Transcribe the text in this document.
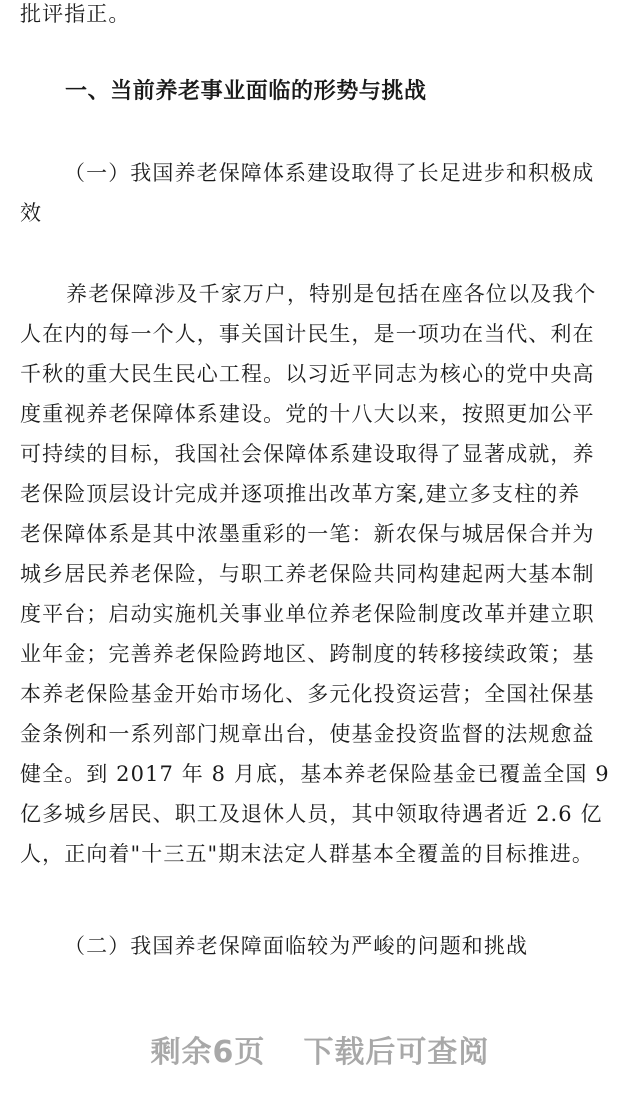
批评指正。
一、当前养老事业面临的形势与挑战
（一）我国养老保障体系建设取得了长足进步和积极成
效
养老保障涉及千家万户，特别是包括在座各位以及我个
人在内的每一个人，事关国计民生，是一项功在当代、利在
千秋的重大民生民心工程。以习近平同志为核心的党中央高
度重视养老保障体系建设。党的十八大以来，按照更加公平
可持续的目标，我国社会保障体系建设取得了显著成就，养
老保险顶层设计完成并逐项推出改革方案,建立多支柱的养
老保障体系是其中浓墨重彩的一笔：新农保与城居保合并为
城乡居民养老保险，与职工养老保险共同构建起两大基本制
度平台；启动实施机关事业单位养老保险制度改革并建立职
业年金；完善养老保险跨地区、跨制度的转移接续政策；基
本养老保险基金开始市场化、多元化投资运营；全国社保基
金条例和一系列部门规章出台，使基金投资监督的法规愈益
健全。到 2017 年 8 月底，基本养老保险基金已覆盖全国 9
亿多城乡居民、职工及退休人员，其中领取待遇者近 2.6 亿
人，正向着"十三五"期末法定人群基本全覆盖的目标推进。
（二）我国养老保障面临较为严峻的问题和挑战
剩余6页 下载后可查阅
